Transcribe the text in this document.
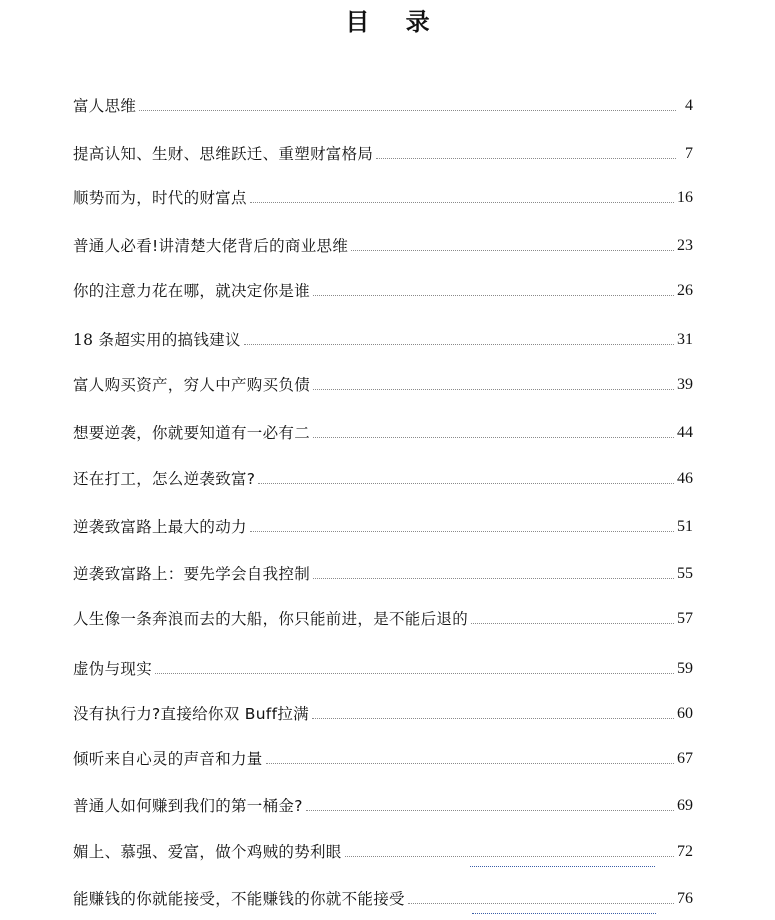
目 录
富人思维	4
提高认知、生财、思维跃迁、重塑财富格局	7
顺势而为，时代的财富点	16
普通人必看!讲清楚大佬背后的商业思维	23
你的注意力花在哪，就决定你是谁	26
18 条超实用的搞钱建议	31
富人购买资产，穷人中产购买负债	39
想要逆袭，你就要知道有一必有二	44
还在打工，怎么逆袭致富?	46
逆袭致富路上最大的动力	51
逆袭致富路上：要先学会自我控制	55
人生像一条奔浪而去的大船，你只能前进，是不能后退的	57
虚伪与现实	59
没有执行力?直接给你双 Buff拉满	60
倾听来自心灵的声音和力量	67
普通人如何赚到我们的第一桶金?	69
媚上、慕强、爱富，做个鸡贼的势利眼	72
能赚钱的你就能接受，不能赚钱的你就不能接受	76
